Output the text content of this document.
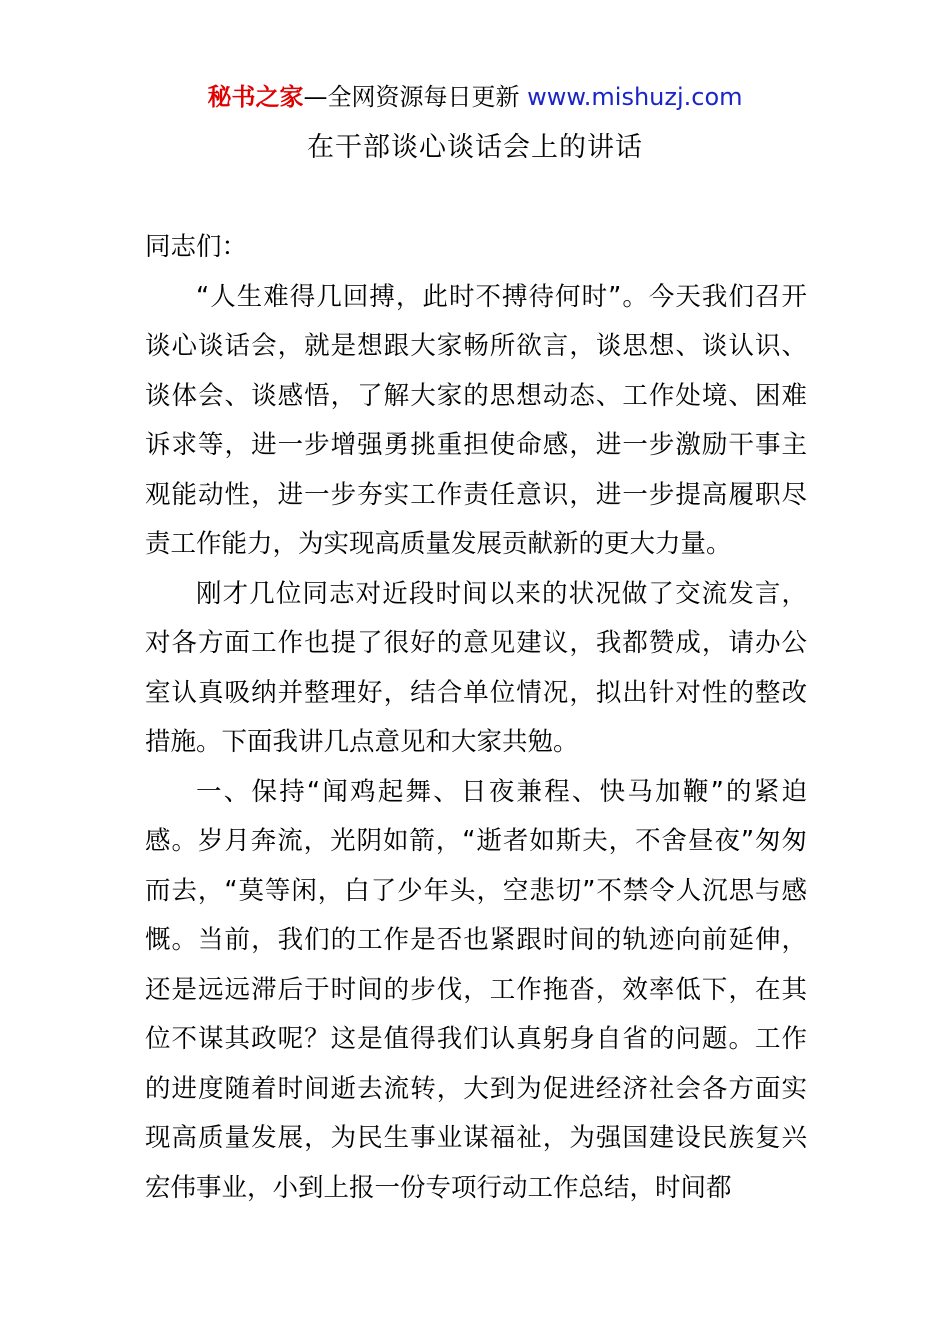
秘书之家—全网资源每日更新 www.mishuzj.com
在干部谈心谈话会上的讲话

同志们：

“人生难得几回搏，此时不搏待何时”。今天我们召开谈心谈话会，就是想跟大家畅所欲言，谈思想、谈认识、谈体会、谈感悟，了解大家的思想动态、工作处境、困难诉求等，进一步增强勇挑重担使命感，进一步激励干事主观能动性，进一步夯实工作责任意识，进一步提高履职尽责工作能力，为实现高质量发展贡献新的更大力量。

刚才几位同志对近段时间以来的状况做了交流发言，对各方面工作也提了很好的意见建议，我都赞成，请办公室认真吸纳并整理好，结合单位情况，拟出针对性的整改措施。下面我讲几点意见和大家共勉。

一、保持“闻鸡起舞、日夜兼程、快马加鞭”的紧迫感。岁月奔流，光阴如箭，“逝者如斯夫，不舍昼夜”匆匆而去，“莫等闲，白了少年头，空悲切”不禁令人沉思与感慨。当前，我们的工作是否也紧跟时间的轨迹向前延伸，还是远远滞后于时间的步伐，工作拖沓，效率低下，在其位不谋其政呢？这是值得我们认真躬身自省的问题。工作的进度随着时间逝去流转，大到为促进经济社会各方面实现高质量发展，为民生事业谋福祉，为强国建设民族复兴宏伟事业，小到上报一份专项行动工作总结，时间都
